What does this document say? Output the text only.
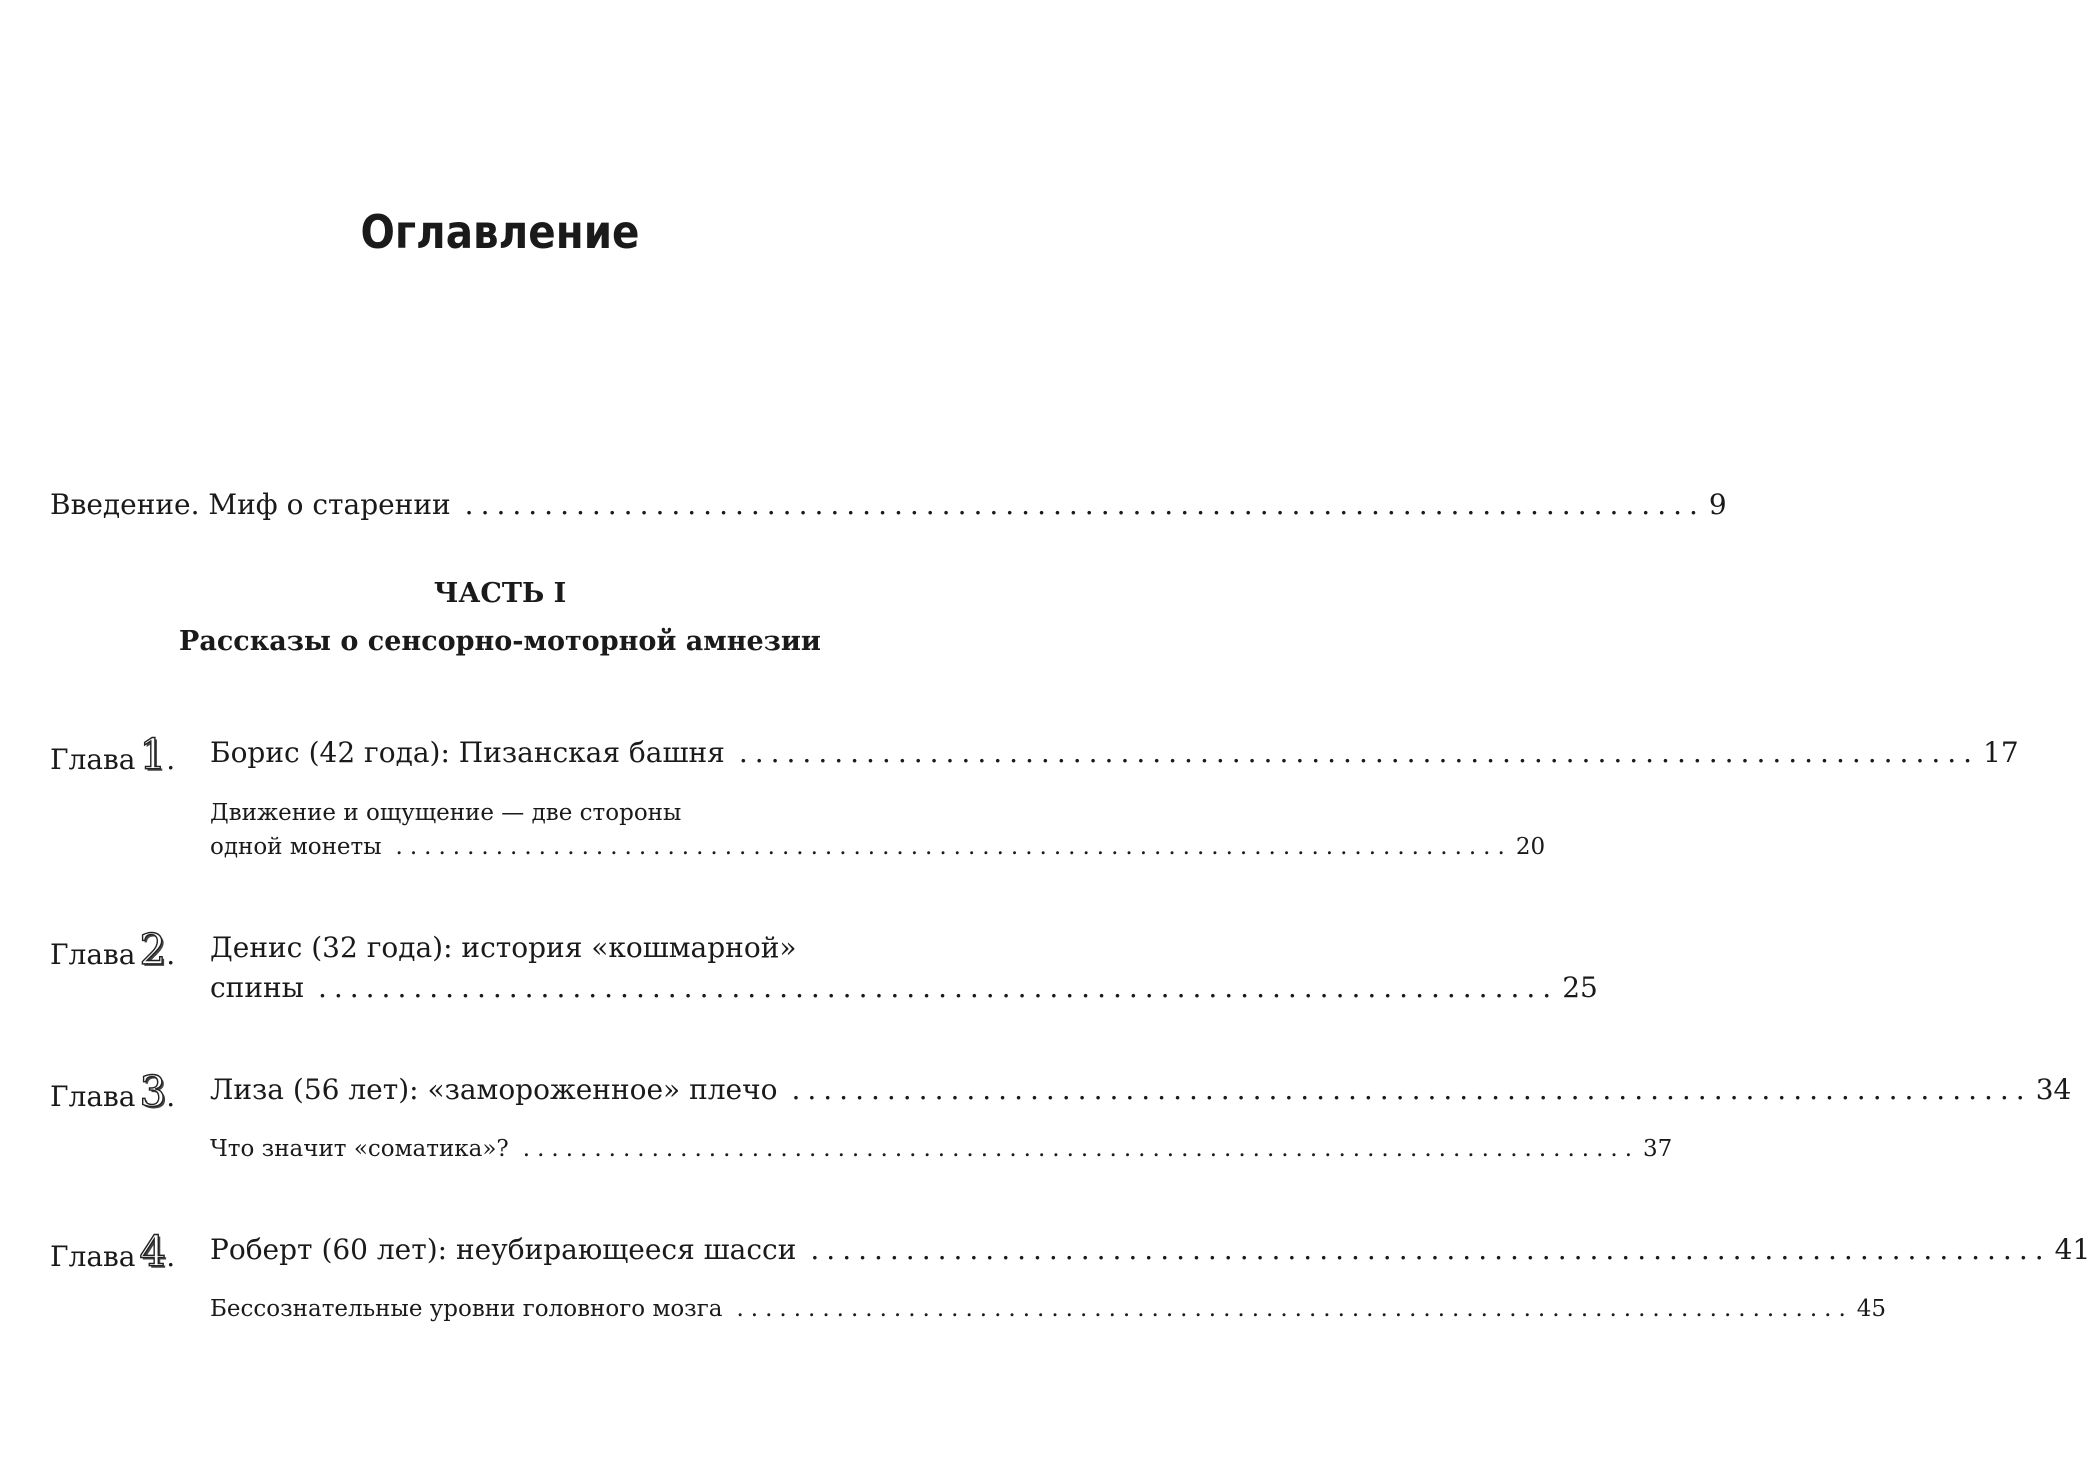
Оглавление
Введение. Миф о старении .............................................................................. 9
ЧАСТЬ I
Рассказы о сенсорно-моторной амнезии
Глава1. Борис (42 года): Пизанская башня .............................................................................. 17
Движение и ощущение — две стороны
одной монеты .............................................................................. 20
Глава2. Денис (32 года): история «кошмарной»
спины .............................................................................. 25
Глава3. Лиза (56 лет): «замороженное» плечо .............................................................................. 34
Что значит «соматика»? .............................................................................. 37
Глава4. Роберт (60 лет): неубирающееся шасси .............................................................................. 41
Бессознательные уровни головного мозга .............................................................................. 45
